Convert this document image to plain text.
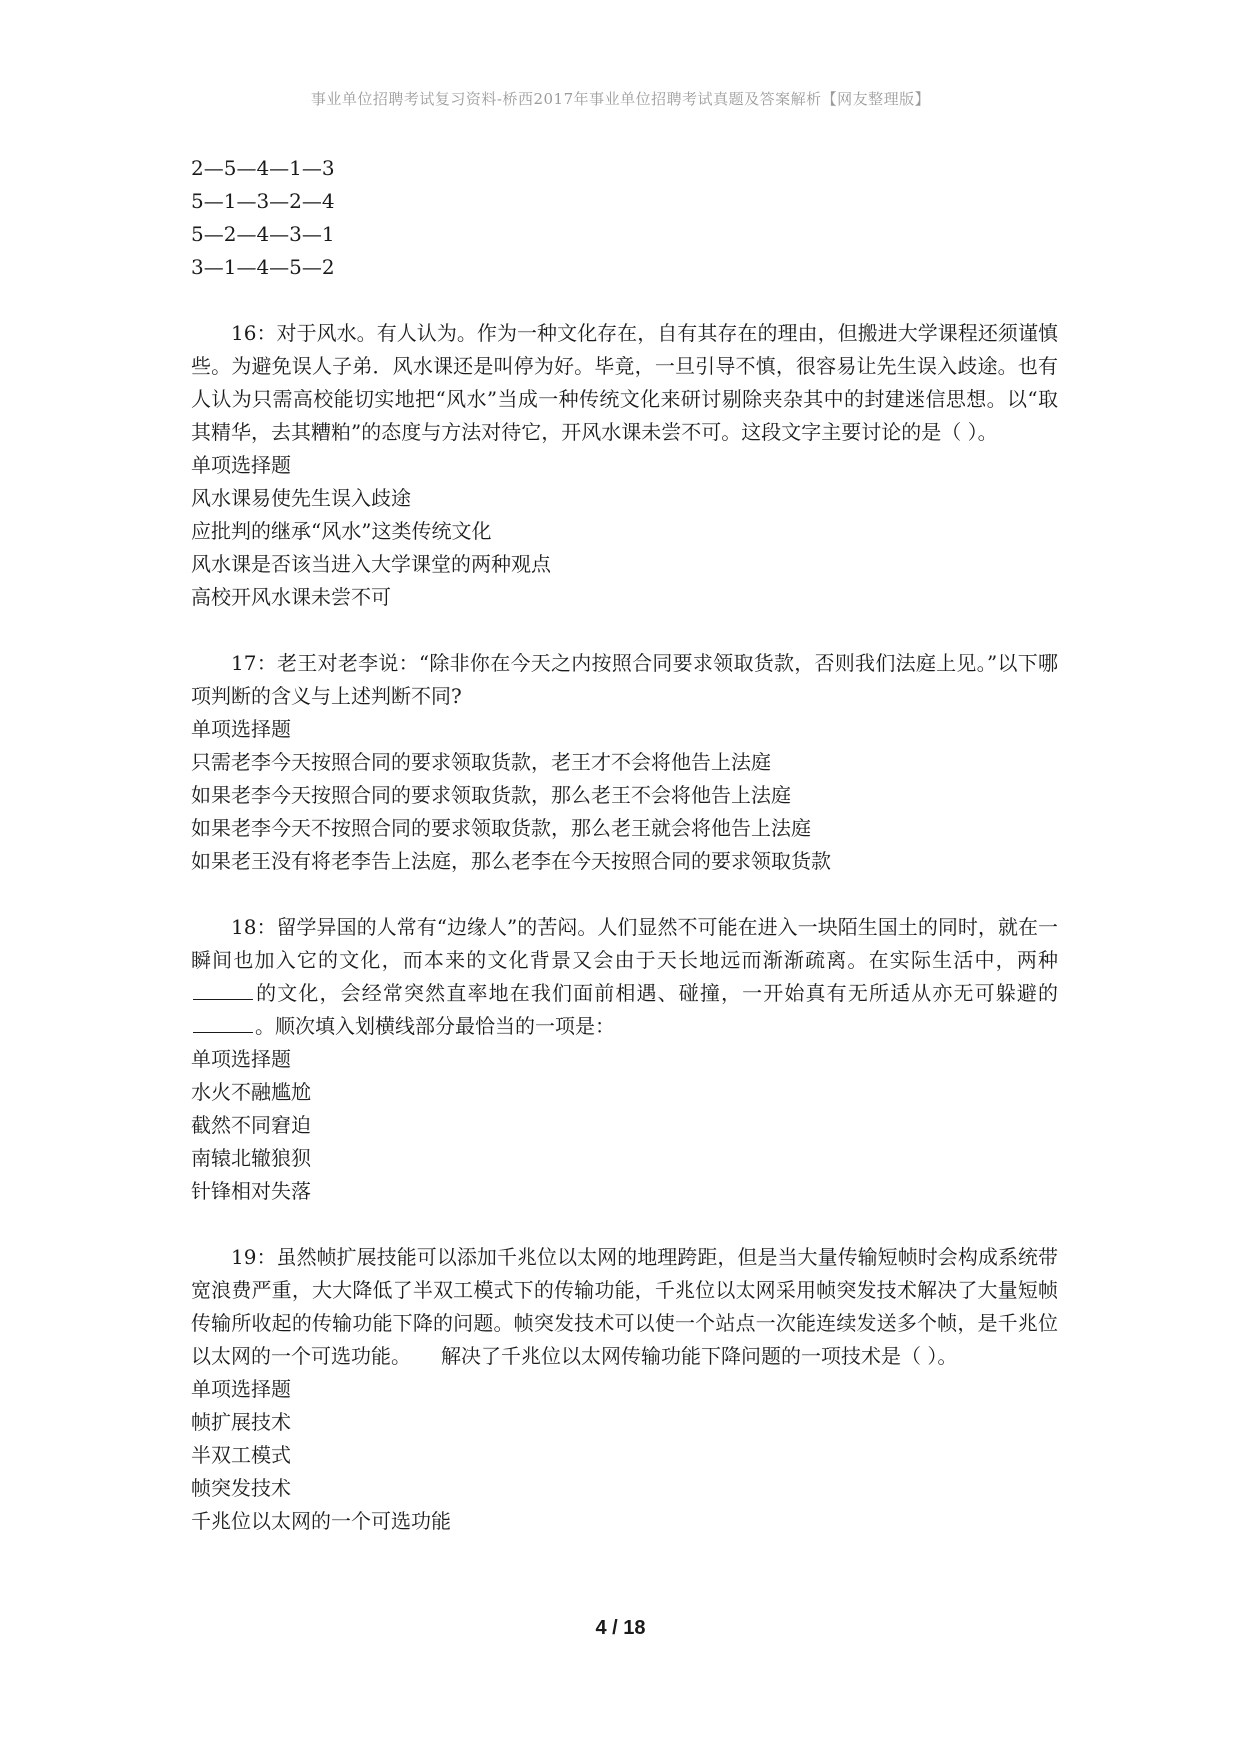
事业单位招聘考试复习资料-桥西2017年事业单位招聘考试真题及答案解析【网友整理版】
2—5—4—1—3
5—1—3—2—4
5—2—4—3—1
3—1—4—5—2
16：对于风水。有人认为。作为一种文化存在，自有其存在的理由，但搬进大学课程还须谨慎些。为避免误人子弟．风水课还是叫停为好。毕竟，一旦引导不慎，很容易让先生误入歧途。也有人认为只需高校能切实地把“风水”当成一种传统文化来研讨剔除夹杂其中的封建迷信思想。以“取其精华，去其糟粕”的态度与方法对待它，开风水课未尝不可。这段文字主要讨论的是（ ）。
单项选择题
风水课易使先生误入歧途
应批判的继承“风水”这类传统文化
风水课是否该当进入大学课堂的两种观点
高校开风水课未尝不可
17：老王对老李说：“除非你在今天之内按照合同要求领取货款，否则我们法庭上见。”以下哪项判断的含义与上述判断不同?
单项选择题
只需老李今天按照合同的要求领取货款，老王才不会将他告上法庭
如果老李今天按照合同的要求领取货款，那么老王不会将他告上法庭
如果老李今天不按照合同的要求领取货款，那么老王就会将他告上法庭
如果老王没有将老李告上法庭，那么老李在今天按照合同的要求领取货款
18：留学异国的人常有“边缘人”的苦闷。人们显然不可能在进入一块陌生国土的同时，就在一瞬间也加入它的文化，而本来的文化背景又会由于天长地远而渐渐疏离。在实际生活中，两种的文化，会经常突然直率地在我们面前相遇、碰撞，一开始真有无所适从亦无可躲避的。顺次填入划横线部分最恰当的一项是：
单项选择题
水火不融尴尬
截然不同窘迫
南辕北辙狼狈
针锋相对失落
19：虽然帧扩展技能可以添加千兆位以太网的地理跨距，但是当大量传输短帧时会构成系统带宽浪费严重，大大降低了半双工模式下的传输功能，千兆位以太网采用帧突发技术解决了大量短帧传输所收起的传输功能下降的问题。帧突发技术可以使一个站点一次能连续发送多个帧，是千兆位以太网的一个可选功能。　　解决了千兆位以太网传输功能下降问题的一项技术是（ ）。
单项选择题
帧扩展技术
半双工模式
帧突发技术
千兆位以太网的一个可选功能
4 / 18
